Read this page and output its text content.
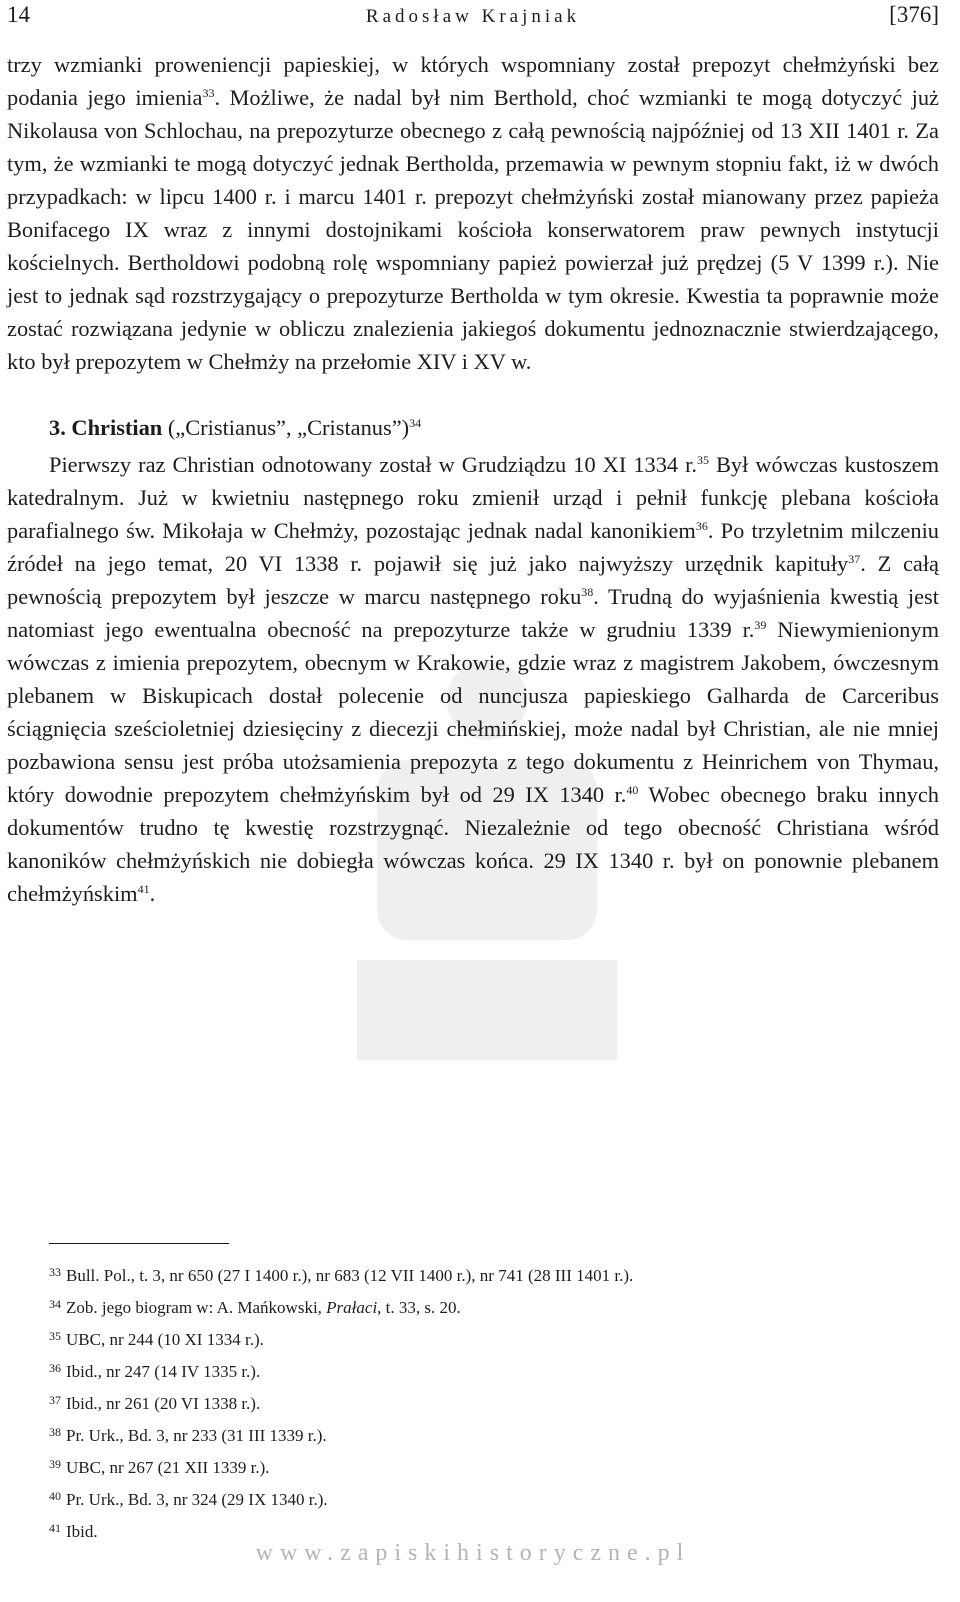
14	Radosław Krajniak	[376]

trzy wzmianki proweniencji papieskiej, w których wspomniany został prepozyt chełmżyński bez podania jego imienia$^{33}$. Możliwe, że nadal był nim Berthold, choć wzmianki te mogą dotyczyć już Nikolausa von Schlochau, na prepozyturze obecnego z całą pewnością najpóźniej od 13 XII 1401 r. Za tym, że wzmianki te mogą dotyczyć jednak Bertholda, przemawia w pewnym stopniu fakt, iż w dwóch przypadkach: w lipcu 1400 r. i marcu 1401 r. prepozyt chełmżyński został mianowany przez papieża Bonifacego IX wraz z innymi dostojnikami kościoła konserwatorem praw pewnych instytucji kościelnych. Bertholdowi podobną rolę wspomniany papież powierzał już prędzej (5 V 1399 r.). Nie jest to jednak sąd rozstrzygający o prepozyturze Bertholda w tym okresie. Kwestia ta poprawnie może zostać rozwiązana jedynie w obliczu znalezienia jakiegoś dokumentu jednoznacznie stwierdzającego, kto był prepozytem w Chełmży na przełomie XIV i XV w.

3. Christian („Cristianus”, „Cristanus”)$^{34}$

Pierwszy raz Christian odnotowany został w Grudziądzu 10 XI 1334 r.$^{35}$ Był wówczas kustoszem katedralnym. Już w kwietniu następnego roku zmienił urząd i pełnił funkcję plebana kościoła parafialnego św. Mikołaja w Chełmży, pozostając jednak nadal kanonikiem$^{36}$. Po trzyletnim milczeniu źródeł na jego temat, 20 VI 1338 r. pojawił się już jako najwyższy urzędnik kapituły$^{37}$. Z całą pewnością prepozytem był jeszcze w marcu następnego roku$^{38}$. Trudną do wyjaśnienia kwestią jest natomiast jego ewentualna obecność na prepozyturze także w grudniu 1339 r.$^{39}$ Niewymienionym wówczas z imienia prepozytem, obecnym w Krakowie, gdzie wraz z magistrem Jakobem, ówczesnym plebanem w Biskupicach dostał polecenie od nuncjusza papieskiego Galharda de Carceribus ściągnięcia sześcioletniej dziesięciny z diecezji chełmińskiej, może nadal był Christian, ale nie mniej pozbawiona sensu jest próba utożsamienia prepozyta z tego dokumentu z Heinrichem von Thymau, który dowodnie prepozytem chełmżyńskim był od 29 IX 1340 r.$^{40}$ Wobec obecnego braku innych dokumentów trudno tę kwestię rozstrzygnąć. Niezależnie od tego obecność Christiana wśród kanoników chełmżyńskich nie dobiegła wówczas końca. 29 IX 1340 r. był on ponownie plebanem chełmżyńskim$^{41}$.

$^{33}$ Bull. Pol., t. 3, nr 650 (27 I 1400 r.), nr 683 (12 VII 1400 r.), nr 741 (28 III 1401 r.).

$^{34}$ Zob. jego biogram w: A. Mańkowski, Prałaci, t. 33, s. 20.

$^{35}$ UBC, nr 244 (10 XI 1334 r.).

$^{36}$ Ibid., nr 247 (14 IV 1335 r.).

$^{37}$ Ibid., nr 261 (20 VI 1338 r.).

$^{38}$ Pr. Urk., Bd. 3, nr 233 (31 III 1339 r.).

$^{39}$ UBC, nr 267 (21 XII 1339 r.).

$^{40}$ Pr. Urk., Bd. 3, nr 324 (29 IX 1340 r.).

$^{41}$ Ibid.

www.zapiskihistoryczne.pl
